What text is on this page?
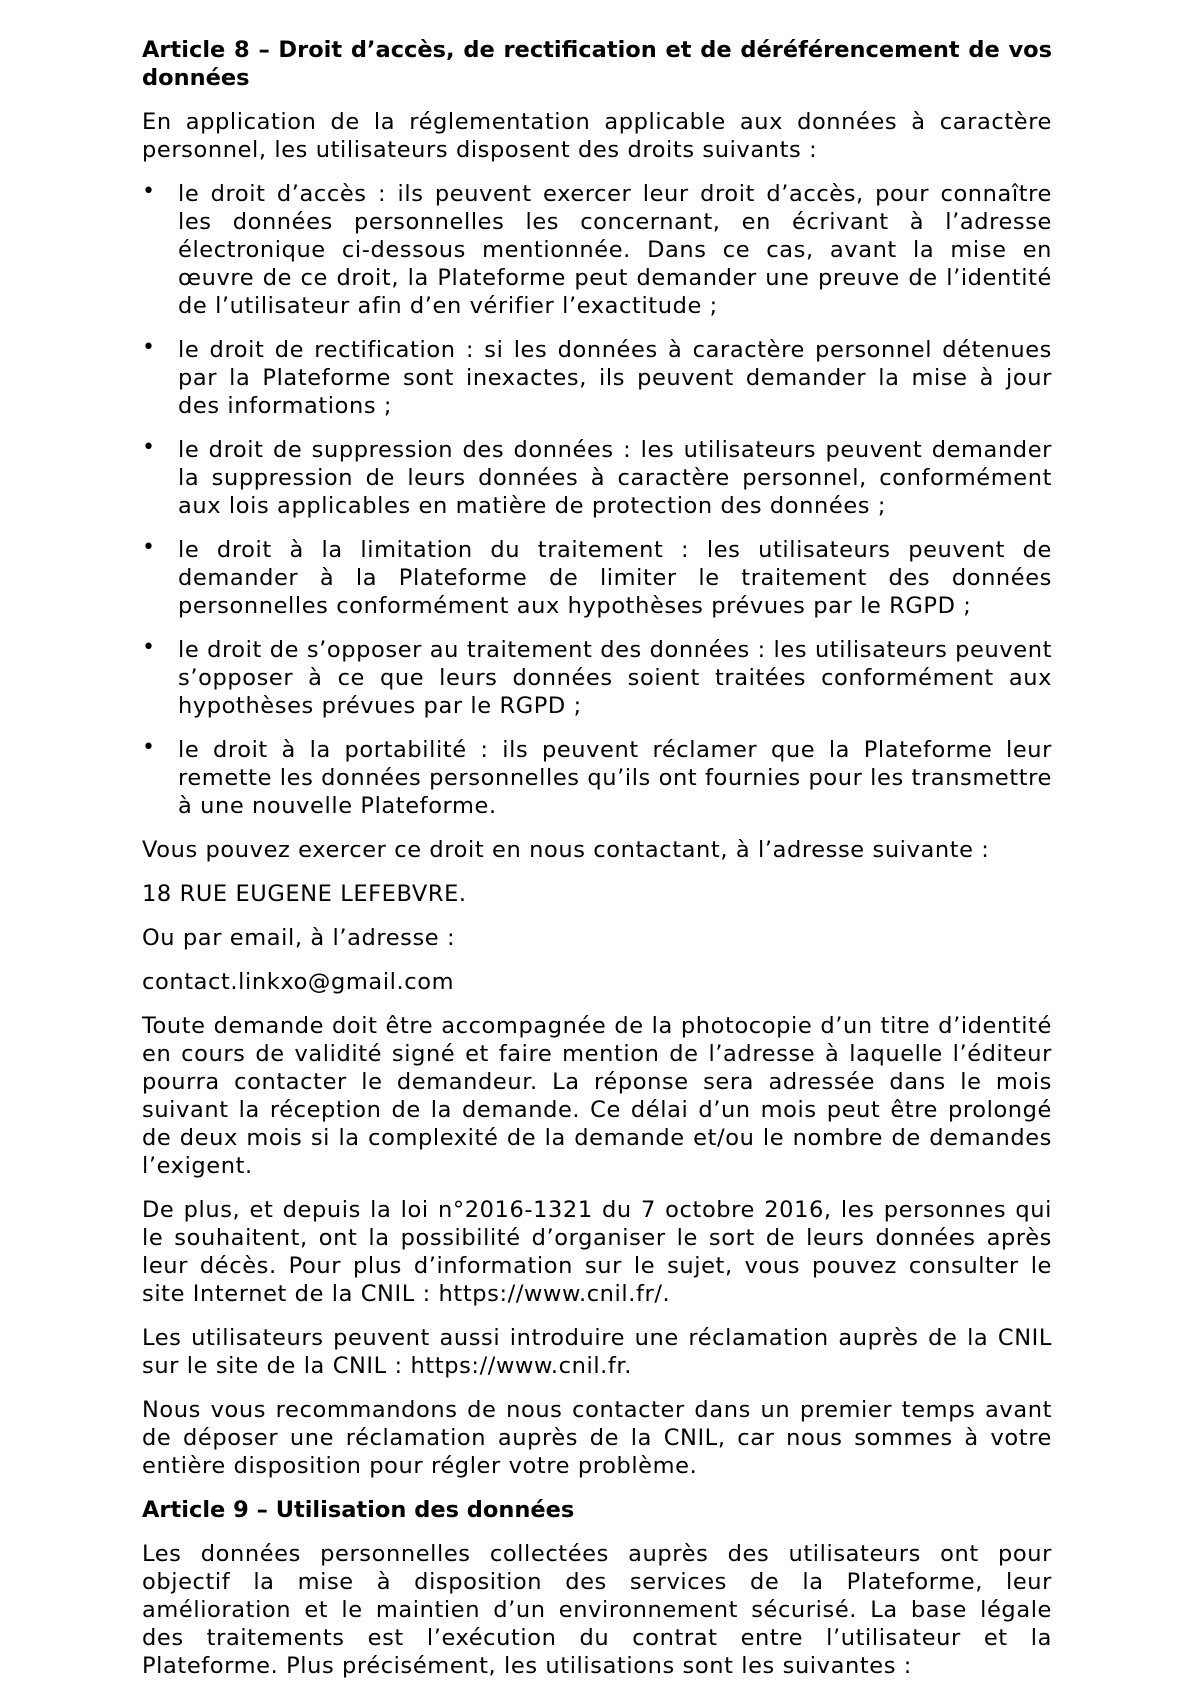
Article 8 – Droit d’accès, de rectification et de déréférencement de vos données

En application de la réglementation applicable aux données à caractère personnel, les utilisateurs disposent des droits suivants :

• le droit d’accès : ils peuvent exercer leur droit d’accès, pour connaître les données personnelles les concernant, en écrivant à l’adresse électronique ci-dessous mentionnée. Dans ce cas, avant la mise en œuvre de ce droit, la Plateforme peut demander une preuve de l’identité de l’utilisateur afin d’en vérifier l’exactitude ;
• le droit de rectification : si les données à caractère personnel détenues par la Plateforme sont inexactes, ils peuvent demander la mise à jour des informations ;
• le droit de suppression des données : les utilisateurs peuvent demander la suppression de leurs données à caractère personnel, conformément aux lois applicables en matière de protection des données ;
• le droit à la limitation du traitement : les utilisateurs peuvent de demander à la Plateforme de limiter le traitement des données personnelles conformément aux hypothèses prévues par le RGPD ;
• le droit de s’opposer au traitement des données : les utilisateurs peuvent s’opposer à ce que leurs données soient traitées conformément aux hypothèses prévues par le RGPD ;
• le droit à la portabilité : ils peuvent réclamer que la Plateforme leur remette les données personnelles qu’ils ont fournies pour les transmettre à une nouvelle Plateforme.

Vous pouvez exercer ce droit en nous contactant, à l’adresse suivante :

18 RUE EUGENE LEFEBVRE.

Ou par email, à l’adresse :

contact.linkxo@gmail.com

Toute demande doit être accompagnée de la photocopie d’un titre d’identité en cours de validité signé et faire mention de l’adresse à laquelle l’éditeur pourra contacter le demandeur. La réponse sera adressée dans le mois suivant la réception de la demande. Ce délai d’un mois peut être prolongé de deux mois si la complexité de la demande et/ou le nombre de demandes l’exigent.

De plus, et depuis la loi n°2016-1321 du 7 octobre 2016, les personnes qui le souhaitent, ont la possibilité d’organiser le sort de leurs données après leur décès. Pour plus d’information sur le sujet, vous pouvez consulter le site Internet de la CNIL : https://www.cnil.fr/.

Les utilisateurs peuvent aussi introduire une réclamation auprès de la CNIL sur le site de la CNIL : https://www.cnil.fr.

Nous vous recommandons de nous contacter dans un premier temps avant de déposer une réclamation auprès de la CNIL, car nous sommes à votre entière disposition pour régler votre problème.

Article 9 – Utilisation des données

Les données personnelles collectées auprès des utilisateurs ont pour objectif la mise à disposition des services de la Plateforme, leur amélioration et le maintien d’un environnement sécurisé. La base légale des traitements est l’exécution du contrat entre l’utilisateur et la Plateforme. Plus précisément, les utilisations sont les suivantes :
